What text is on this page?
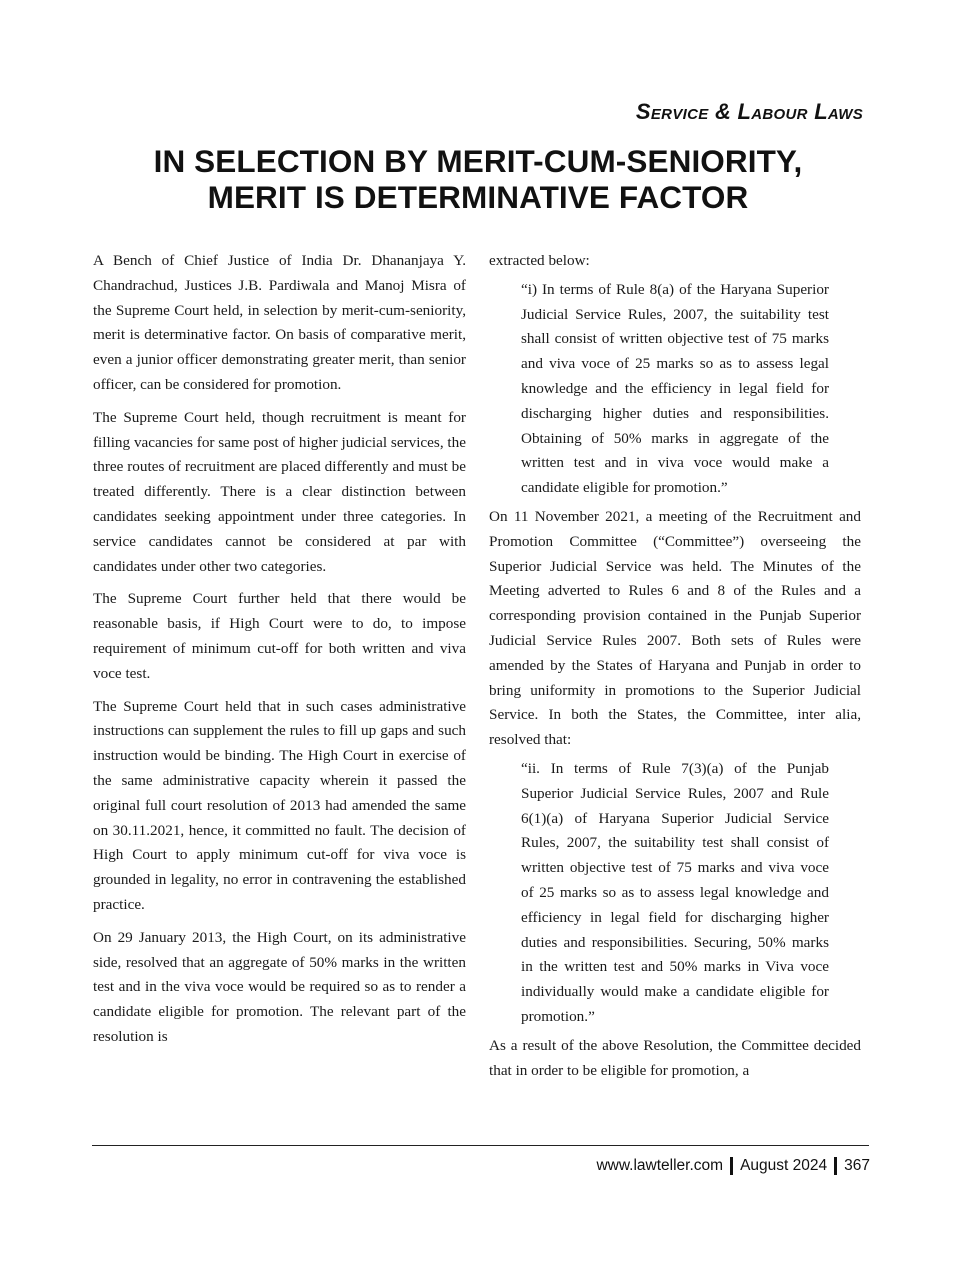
Service & Labour Laws
IN SELECTION BY MERIT-CUM-SENIORITY,
MERIT IS DETERMINATIVE FACTOR

A Bench of Chief Justice of India Dr. Dhananjaya Y. Chandrachud, Justices J.B. Pardiwala and Manoj Misra of the Supreme Court held, in selection by merit-cum-seniority, merit is determinative factor. On basis of comparative merit, even a junior officer demonstrating greater merit, than senior officer, can be considered for promotion.

The Supreme Court held, though recruitment is meant for filling vacancies for same post of higher judicial services, the three routes of recruitment are placed differently and must be treated differently. There is a clear distinction between candidates seeking appointment under three categories. In service candidates cannot be considered at par with candidates under other two categories.

The Supreme Court further held that there would be reasonable basis, if High Court were to do, to impose requirement of minimum cut-off for both written and viva voce test.

The Supreme Court held that in such cases administrative instructions can supplement the rules to fill up gaps and such instruction would be binding. The High Court in exercise of the same administrative capacity wherein it passed the original full court resolution of 2013 had amended the same on 30.11.2021, hence, it committed no fault. The decision of High Court to apply minimum cut-off for viva voce is grounded in legality, no error in contravening the established practice.

On 29 January 2013, the High Court, on its administrative side, resolved that an aggregate of 50% marks in the written test and in the viva voce would be required so as to render a candidate eligible for promotion. The relevant part of the resolution is

extracted below:

“i) In terms of Rule 8(a) of the Haryana Superior Judicial Service Rules, 2007, the suitability test shall consist of written objective test of 75 marks and viva voce of 25 marks so as to assess legal knowledge and the efficiency in legal field for discharging higher duties and responsibilities. Obtaining of 50% marks in aggregate of the written test and in viva voce would make a candidate eligible for promotion.”

On 11 November 2021, a meeting of the Recruitment and Promotion Committee (“Committee”) overseeing the Superior Judicial Service was held. The Minutes of the Meeting adverted to Rules 6 and 8 of the Rules and a corresponding provision contained in the Punjab Superior Judicial Service Rules 2007. Both sets of Rules were amended by the States of Haryana and Punjab in order to bring uniformity in promotions to the Superior Judicial Service. In both the States, the Committee, inter alia, resolved that:

“ii. In terms of Rule 7(3)(a) of the Punjab Superior Judicial Service Rules, 2007 and Rule 6(1)(a) of Haryana Superior Judicial Service Rules, 2007, the suitability test shall consist of written objective test of 75 marks and viva voce of 25 marks so as to assess legal knowledge and efficiency in legal field for discharging higher duties and responsibilities. Securing, 50% marks in the written test and 50% marks in Viva voce individually would make a candidate eligible for promotion.”

As a result of the above Resolution, the Committee decided that in order to be eligible for promotion, a

www.lawteller.com August 2024 367
